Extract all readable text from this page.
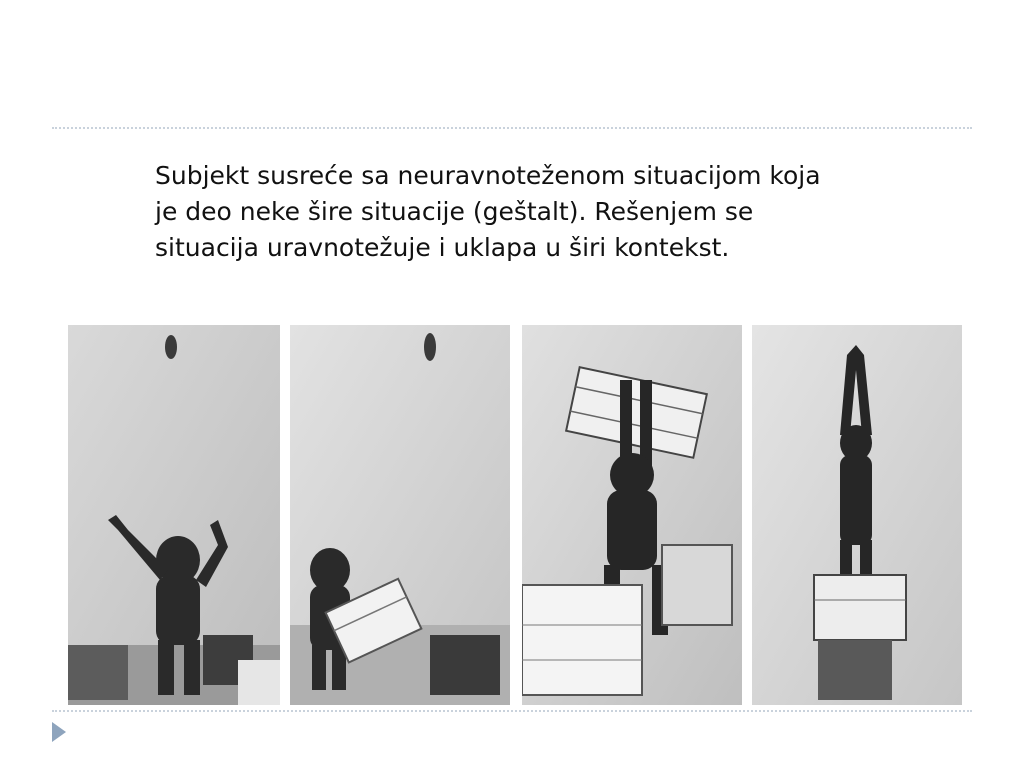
Subjekt susreće sa neuravnoteženom situacijom koja
je deo neke šire situacije (geštalt). Rešenjem se
situacija uravnotežuje i uklapa u širi kontekst.
